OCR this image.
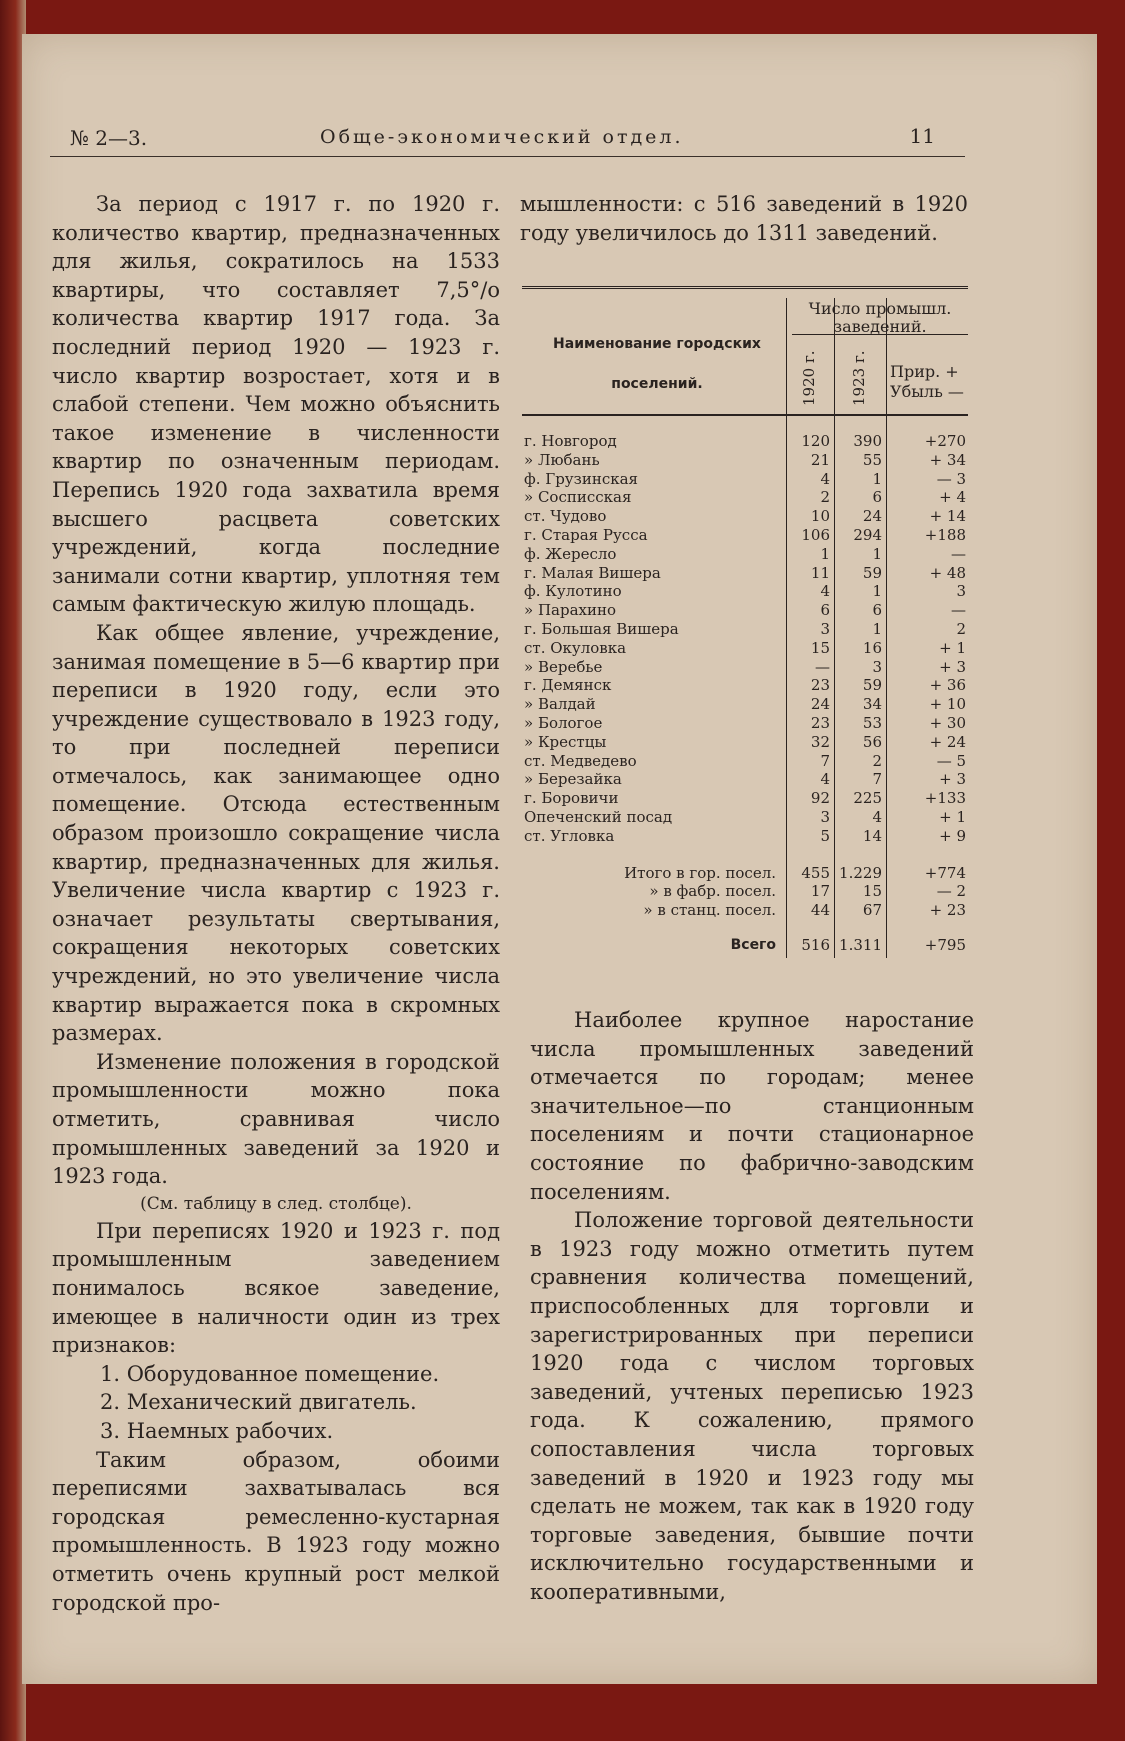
№ 2—3.	Обще-экономический отдел.	11

За период с 1917 г. по 1920 г. количество квартир, предназначенных для жилья, сократилось на 1533 квартиры, что составляет 7,5°/о количества квартир 1917 года. За последний период 1920 — 1923 г. число квартир возростает, хотя и в слабой степени. Чем можно объяснить такое изменение в численности квартир по означенным периодам. Перепись 1920 года захватила время высшего расцвета советских учреждений, когда последние занимали сотни квартир, уплотняя тем самым фактическую жилую площадь.

Как общее явление, учреждение, занимая помещение в 5—6 квартир при переписи в 1920 году, если это учреждение существовало в 1923 году, то при последней переписи отмечалось, как занимающее одно помещение. Отсюда естественным образом произошло сокращение числа квартир, предназначенных для жилья. Увеличение числа квартир с 1923 г. означает результаты свертывания, сокращения некоторых советских учреждений, но это увеличение числа квартир выражается пока в скромных размерах.

Изменение положения в городской промышленности можно пока отметить, сравнивая число промышленных заведений за 1920 и 1923 года.

(См. таблицу в след. столбце).

При переписях 1920 и 1923 г. под промышленным заведением понималось всякое заведение, имеющее в наличности один из трех признаков:

1. Оборудованное помещение.
2. Механический двигатель.
3. Наемных рабочих.

Таким образом, обоими переписями захватывалась вся городская ремесленно-кустарная промышленность. В 1923 году можно отметить очень крупный рост мелкой городской про-

мышленности: с 516 заведений в 1920 году увеличилось до 1311 заведений.

Наименование городских
поселений.
Число промышл. заведений.
1920 г. 1923 г. Прир. +
Убыль —
г. Новгород	120	390	+270
» Любань	21	55	+ 34
ф. Грузинская	4	1	— 3
» Сосписская	2	6	+ 4
ст. Чудово	10	24	+ 14
г. Старая Русса	106	294	+188
ф. Жересло	1	1	—
г. Малая Вишера	11	59	+ 48
ф. Кулотино	4	1	3
» Парахино	6	6	—
г. Большая Вишера	3	1	2
ст. Окуловка	15	16	+ 1
» Веребье	—	3	+ 3
г. Демянск	23	59	+ 36
» Валдай	24	34	+ 10
» Бологое	23	53	+ 30
» Крестцы	32	56	+ 24
ст. Медведево	7	2	— 5
» Березайка	4	7	+ 3
г. Боровичи	92	225	+133
Опеченский посад	3	4	+ 1
ст. Угловка	5	14	+ 9
Итого в гор. посел.	455 1.229	+774
» в фабр. посел.	17	15	— 2
» в станц. посел.	44	67	+ 23
Всего	516 1.311	+795

Наиболее крупное наростание числа промышленных заведений отмечается по городам; менее значительное—по станционным поселениям и почти стационарное состояние по фабрично-заводским поселениям.

Положение торговой деятельности в 1923 году можно отметить путем сравнения количества помещений, приспособленных для торговли и зарегистрированных при переписи 1920 года с числом торговых заведений, учтеных переписью 1923 года. К сожалению, прямого сопоставления числа торговых заведений в 1920 и 1923 году мы сделать не можем, так как в 1920 году торговые заведения, бывшие почти исключительно государственными и кооперативными,
